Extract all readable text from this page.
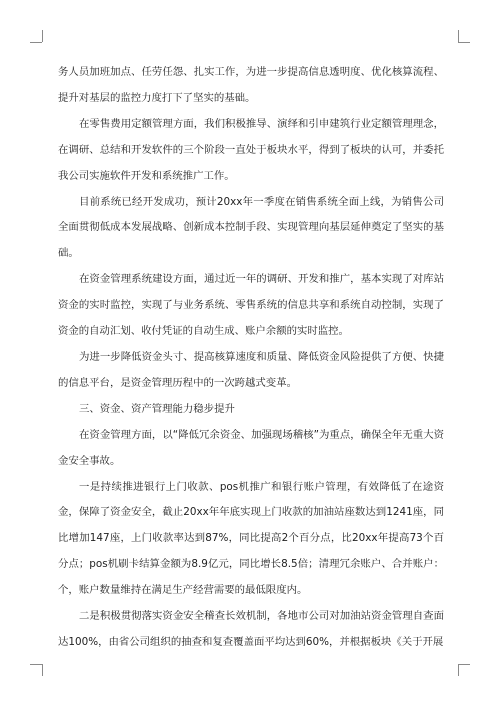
务人员加班加点、任劳任怨、扎实工作，为进一步提高信息透明度、优化核算流程、提升对基层的监控力度打下了坚实的基础。

在零售费用定额管理方面，我们积极推导、演绎和引申建筑行业定额管理理念，在调研、总结和开发软件的三个阶段一直处于板块水平，得到了板块的认可，并委托我公司实施软件开发和系统推广工作。

目前系统已经开发成功，预计20xx年一季度在销售系统全面上线，为销售公司全面贯彻低成本发展战略、创新成本控制手段、实现管理向基层延伸奠定了坚实的基础。

在资金管理系统建设方面，通过近一年的调研、开发和推广，基本实现了对库站资金的实时监控，实现了与业务系统、零售系统的信息共享和系统自动控制，实现了资金的自动汇划、收付凭证的自动生成、账户余额的实时监控。

为进一步降低资金头寸、提高核算速度和质量、降低资金风险提供了方便、快捷的信息平台，是资金管理历程中的一次跨越式变革。

三、资金、资产管理能力稳步提升

在资金管理方面，以“降低冗余资金、加强现场稽核”为重点，确保全年无重大资金安全事故。

一是持续推进银行上门收款、pos机推广和银行账户管理，有效降低了在途资金，保障了资金安全，截止20xx年年底实现上门收款的加油站座数达到1241座，同比增加147座，上门收款率达到87%，同比提高2个百分点，比20xx年提高73个百分点；pos机刷卡结算金额为8.9亿元，同比增长8.5倍；清理冗余账户、合并账户：个，账户数量维持在满足生产经营需要的最低限度内。

二是积极贯彻落实资金安全稽查长效机制，各地市公司对加油站资金管理自查面达100%，由省公司组织的抽查和复查覆盖面平均达到60%，并根据板块《关于开展
